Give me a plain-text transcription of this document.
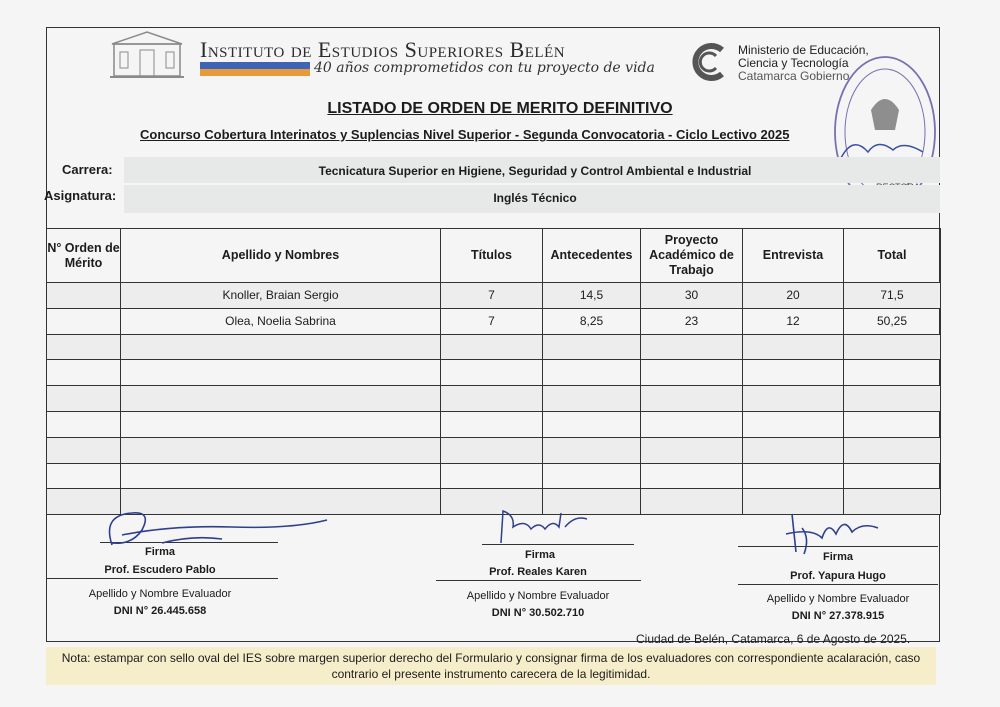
Instituto de Estudios Superiores Belén
40 años comprometidos con tu proyecto de vida
Ministerio de Educación,
Ciencia y Tecnología
Catamarca Gobierno
LISTADO DE ORDEN DE MERITO DEFINITIVO
Concurso Cobertura Interinatos y Suplencias Nivel Superior - Segunda Convocatoria - Ciclo Lectivo 2025
Carrera:	Tecnicatura Superior en Higiene, Seguridad y Control Ambiental e Industrial
Asignatura:	Inglés Técnico
N° Orden de Mérito	Apellido y Nombres	Títulos	Antecedentes	Proyecto Académico de Trabajo	Entrevista	Total
	Knoller, Braian Sergio	7	14,5	30	20	71,5
	Olea, Noelia Sabrina	7	8,25	23	12	50,25

Firma
Prof. Escudero Pablo
Apellido y Nombre Evaluador
DNI N° 26.445.658
Firma
Prof. Reales Karen
Apellido y Nombre Evaluador
DNI N° 30.502.710
Firma
Prof. Yapura Hugo
Apellido y Nombre Evaluador
DNI N° 27.378.915
Ciudad de Belén, Catamarca, 6 de Agosto de 2025.
Nota: estampar con sello oval del IES sobre margen superior derecho del Formulario y consignar firma de los evaluadores con correspondiente acalaración, caso contrario el presente instrumento carecera de la legitimidad.
